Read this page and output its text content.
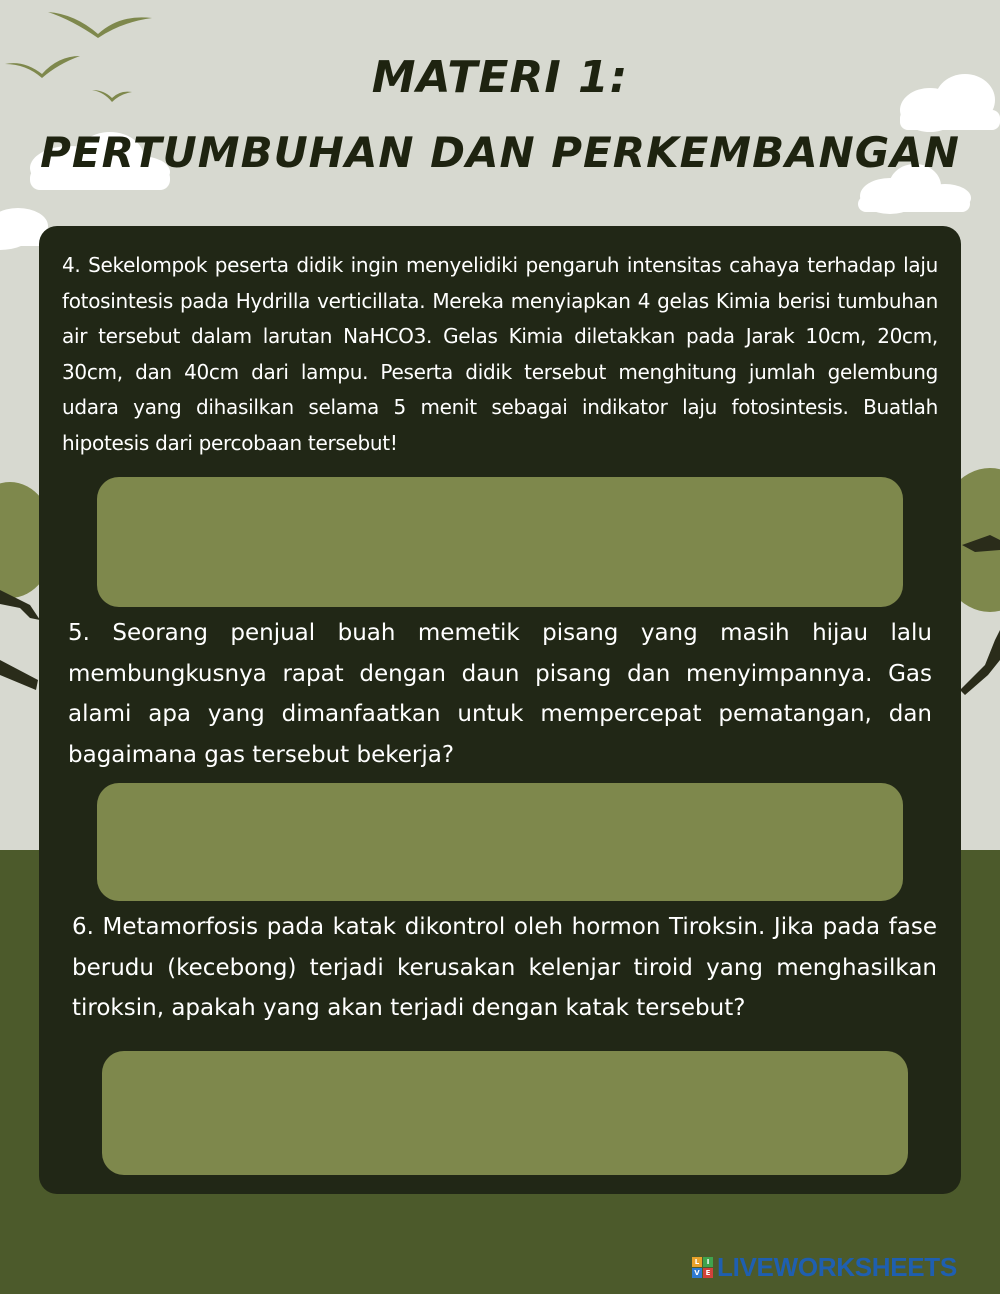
MATERI 1:
PERTUMBUHAN DAN PERKEMBANGAN
4. Sekelompok peserta didik ingin menyelidiki pengaruh intensitas cahaya terhadap laju fotosintesis pada Hydrilla verticillata. Mereka menyiapkan 4 gelas Kimia berisi tumbuhan air tersebut dalam larutan NaHCO3. Gelas Kimia diletakkan pada Jarak 10cm, 20cm, 30cm, dan 40cm dari lampu. Peserta didik tersebut menghitung jumlah gelembung udara yang dihasilkan selama 5 menit sebagai indikator laju fotosintesis. Buatlah hipotesis dari percobaan tersebut!
5. Seorang penjual buah memetik pisang yang masih hijau lalu membungkusnya rapat dengan daun pisang dan menyimpannya. Gas alami apa yang dimanfaatkan untuk mempercepat pematangan, dan bagaimana gas tersebut bekerja?
6. Metamorfosis pada katak dikontrol oleh hormon Tiroksin. Jika pada fase berudu (kecebong) terjadi kerusakan kelenjar tiroid yang menghasilkan tiroksin, apakah yang akan terjadi dengan katak tersebut?
L	I
V E LIVEWORKSHEETS
